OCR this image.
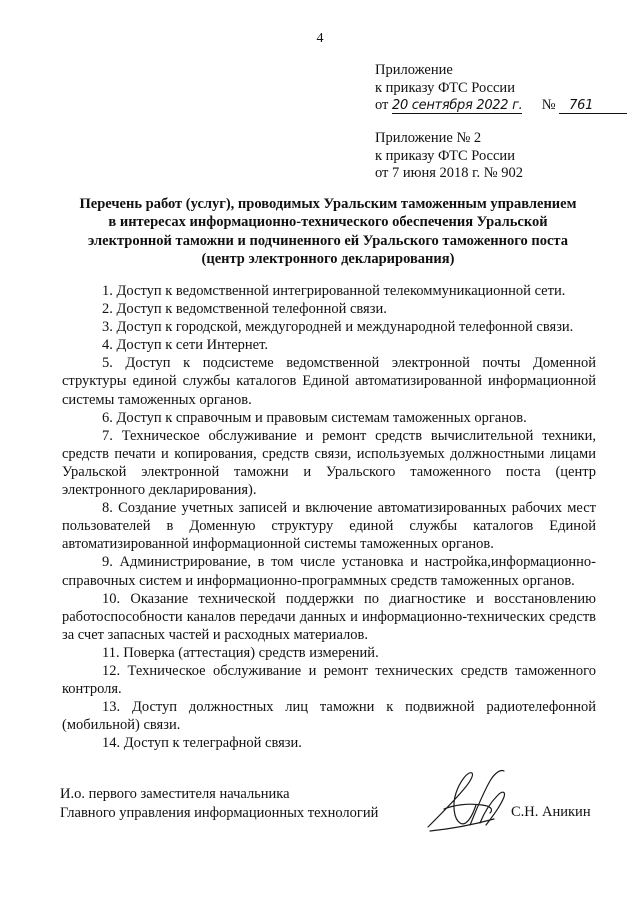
4
Приложение
к приказу ФТС России
от 20 сентября 2022 г. № 761
Приложение № 2
к приказу ФТС России
от 7 июня 2018 г. № 902
Перечень работ (услуг), проводимых Уральским таможенным управлением
в интересах информационно-технического обеспечения Уральской
электронной таможни и подчиненного ей Уральского таможенного поста
(центр электронного декларирования)

1. Доступ к ведомственной интегрированной телекоммуникационной сети.

2. Доступ к ведомственной телефонной связи.

3. Доступ к городской, междугородней и международной телефонной связи.

4. Доступ к сети Интернет.

5. Доступ к подсистеме ведомственной электронной почты Доменной структуры единой службы каталогов Единой автоматизированной информационной системы таможенных органов.

6. Доступ к справочным и правовым системам таможенных органов.

7. Техническое обслуживание и ремонт средств вычислительной техники, средств печати и копирования, средств связи, используемых должностными лицами Уральской электронной таможни и Уральского таможенного поста (центр электронного декларирования).

8. Создание учетных записей и включение автоматизированных рабочих мест пользователей в Доменную структуру единой службы каталогов Единой автоматизированной информационной системы таможенных органов.

9. Администрирование, в том числе установка и настройка,информационно-справочных систем и информационно-программных средств таможенных органов.

10. Оказание технической поддержки по диагностике и восстановлению работоспособности каналов передачи данных и информационно-технических средств за счет запасных частей и расходных материалов.

11. Поверка (аттестация) средств измерений.

12. Техническое обслуживание и ремонт технических средств таможенного контроля.

13. Доступ должностных лиц таможни к подвижной радиотелефонной (мобильной) связи.

14. Доступ к телеграфной связи.

И.о. первого заместителя начальника
Главного управления информационных технологий	С.Н. Аникин
